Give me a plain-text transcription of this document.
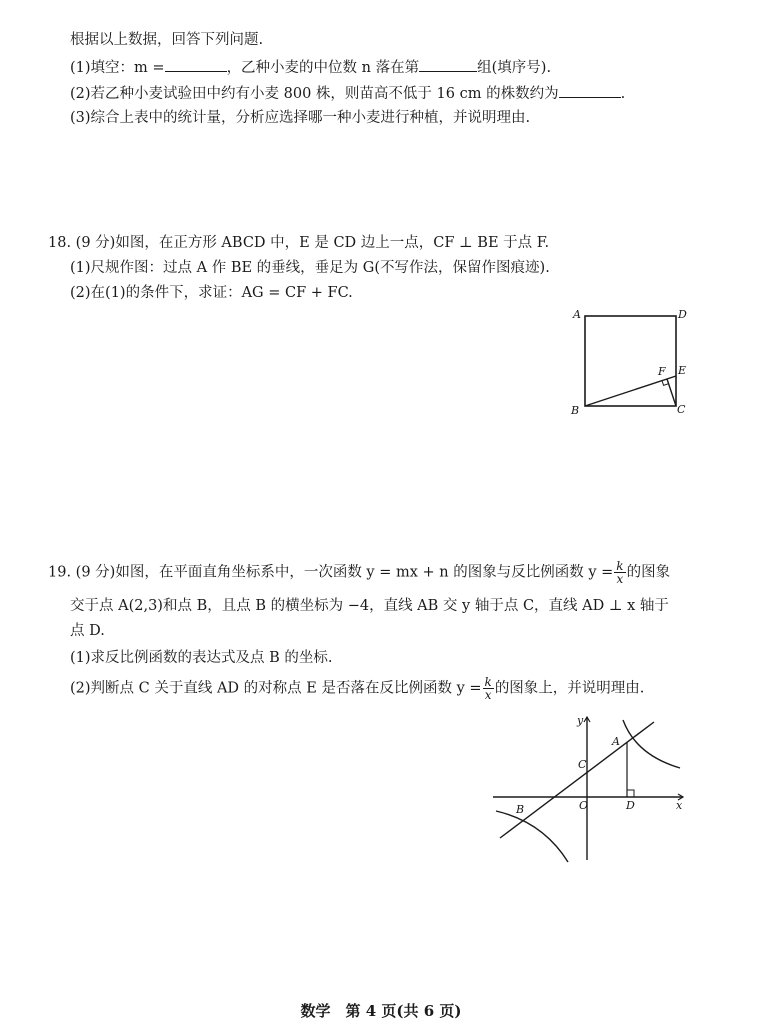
根据以上数据，回答下列问题.
(1)填空：m =	，乙种小麦的中位数 n 落在第	组(填序号).
(2)若乙种小麦试验田中约有小麦 800 株，则苗高不低于 16 cm 的株数约为	.
(3)综合上表中的统计量，分析应选择哪一种小麦进行种植，并说明理由.
18. (9 分)如图，在正方形 ABCD 中，E 是 CD 边上一点，CF ⊥ BE 于点 F.
(1)尺规作图：过点 A 作 BE 的垂线，垂足为 G(不写作法，保留作图痕迹).
(2)在(1)的条件下，求证：AG = CF + FC.
A	D
F E
B	C
19. (9 分)如图，在平面直角坐标系中，一次函数 y = mx + n 的图象与反比例函数 $y = \frac{k}{x}$ 的图象
交于点 A(2,3)和点 B，且点 B 的横坐标为 −4，直线 AB 交 y 轴于点 C，直线 AD ⊥ x 轴于
点 D.
(1)求反比例函数的表达式及点 B 的坐标.
(2)判断点 C 关于直线 AD 的对称点 E 是否落在反比例函数 $y = \frac{k}{x}$ 的图象上，并说明理由.
y
A
C
O	D	x
B
数学　第 4 页(共 6 页)
